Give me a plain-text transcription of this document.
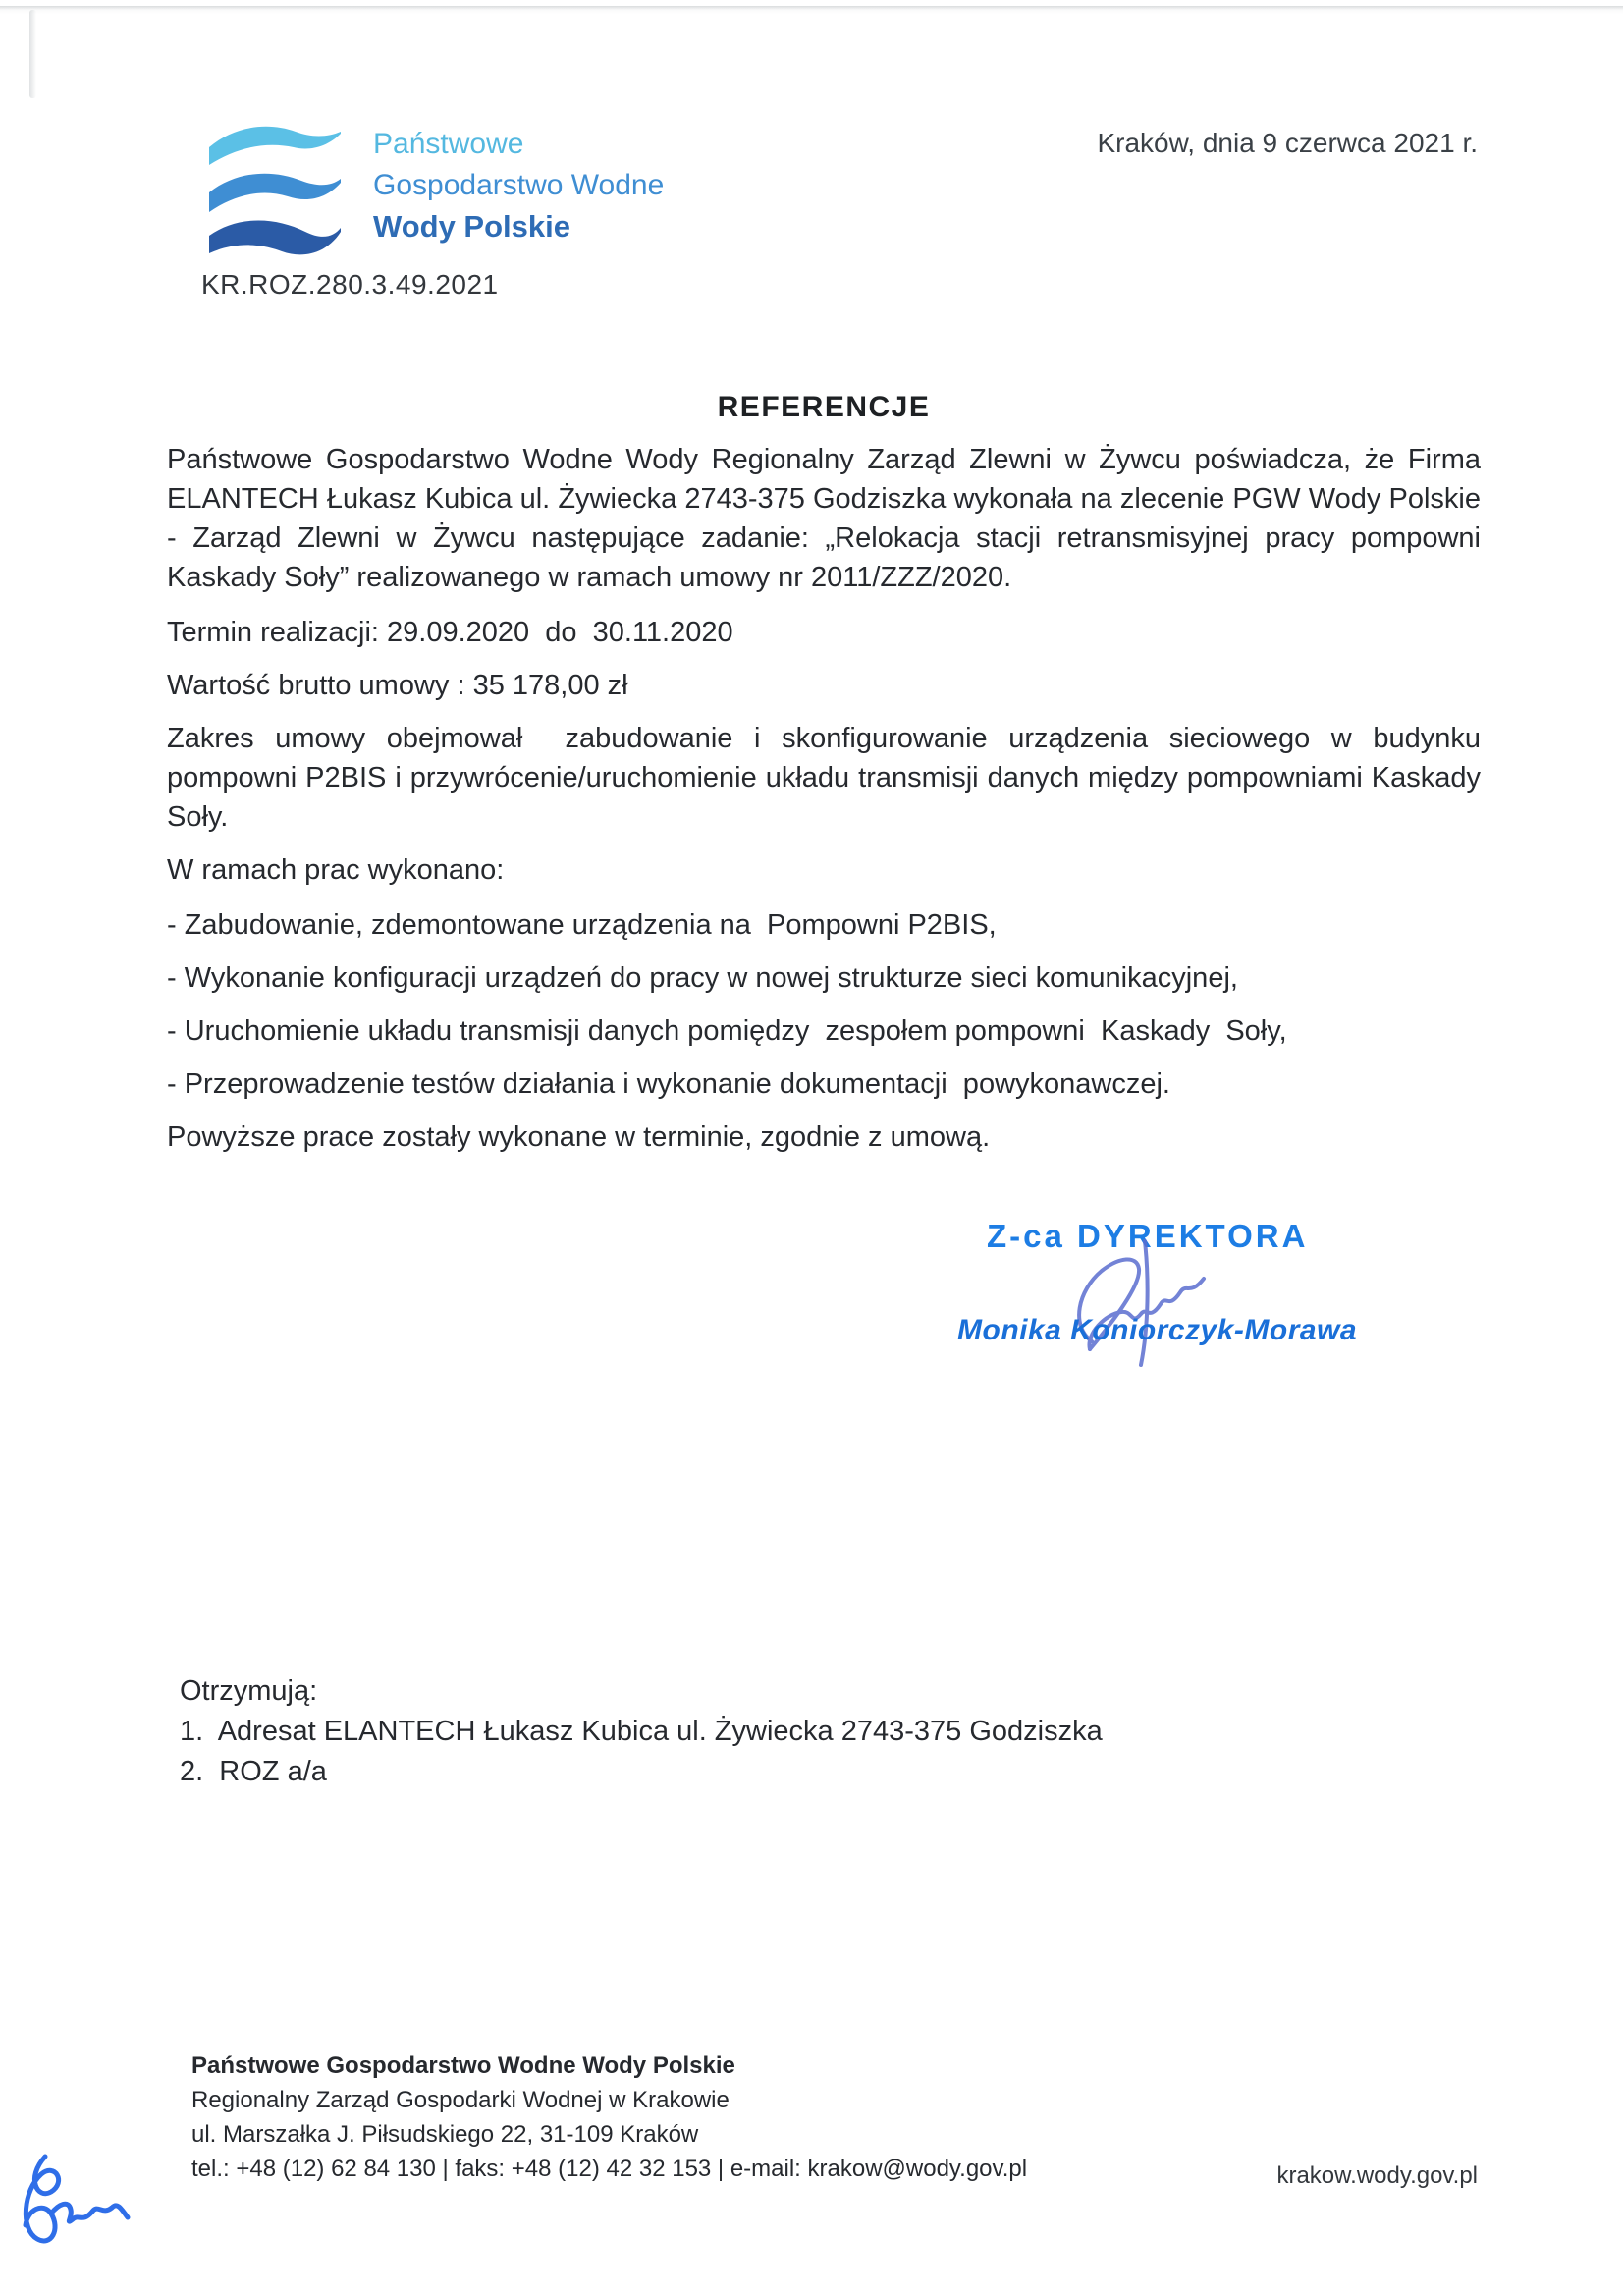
Państwowe
Gospodarstwo Wodne
Wody Polskie
Kraków, dnia 9 czerwca 2021 r.
KR.ROZ.280.3.49.2021
REFERENCJE

Państwowe Gospodarstwo Wodne Wody Regionalny Zarząd Zlewni w Żywcu poświadcza, że Firma ELANTECH Łukasz Kubica ul. Żywiecka 2743-375 Godziszka wykonała na zlecenie PGW Wody Polskie - Zarząd Zlewni w Żywcu następujące zadanie: „Relokacja stacji retransmisyjnej pracy pompowni Kaskady Soły” realizowanego w ramach umowy nr 2011/ZZZ/2020.

Termin realizacji: 29.09.2020  do  30.11.2020

Wartość brutto umowy : 35 178,00 zł

Zakres umowy obejmował  zabudowanie i skonfigurowanie urządzenia sieciowego w budynku pompowni P2BIS i przywrócenie/uruchomienie układu transmisji danych między pompowniami Kaskady Soły.

W ramach prac wykonano:

- Zabudowanie, zdemontowane urządzenia na  Pompowni P2BIS,

- Wykonanie konfiguracji urządzeń do pracy w nowej strukturze sieci komunikacyjnej,

- Uruchomienie układu transmisji danych pomiędzy  zespołem pompowni  Kaskady  Soły,

- Przeprowadzenie testów działania i wykonanie dokumentacji  powykonawczej.

Powyższe prace zostały wykonane w terminie, zgodnie z umową.

Z-ca DYREKTORA
Monika Koniorczyk-Morawa
Otrzymują:
1.  Adresat ELANTECH Łukasz Kubica ul. Żywiecka 2743-375 Godziszka
2.  ROZ a/a
Państwowe Gospodarstwo Wodne Wody Polskie
Regionalny Zarząd Gospodarki Wodnej w Krakowie
ul. Marszałka J. Piłsudskiego 22, 31-109 Kraków
tel.: +48 (12) 62 84 130 | faks: +48 (12) 42 32 153 | e-mail: krakow@wody.gov.pl	krakow.wody.gov.pl
